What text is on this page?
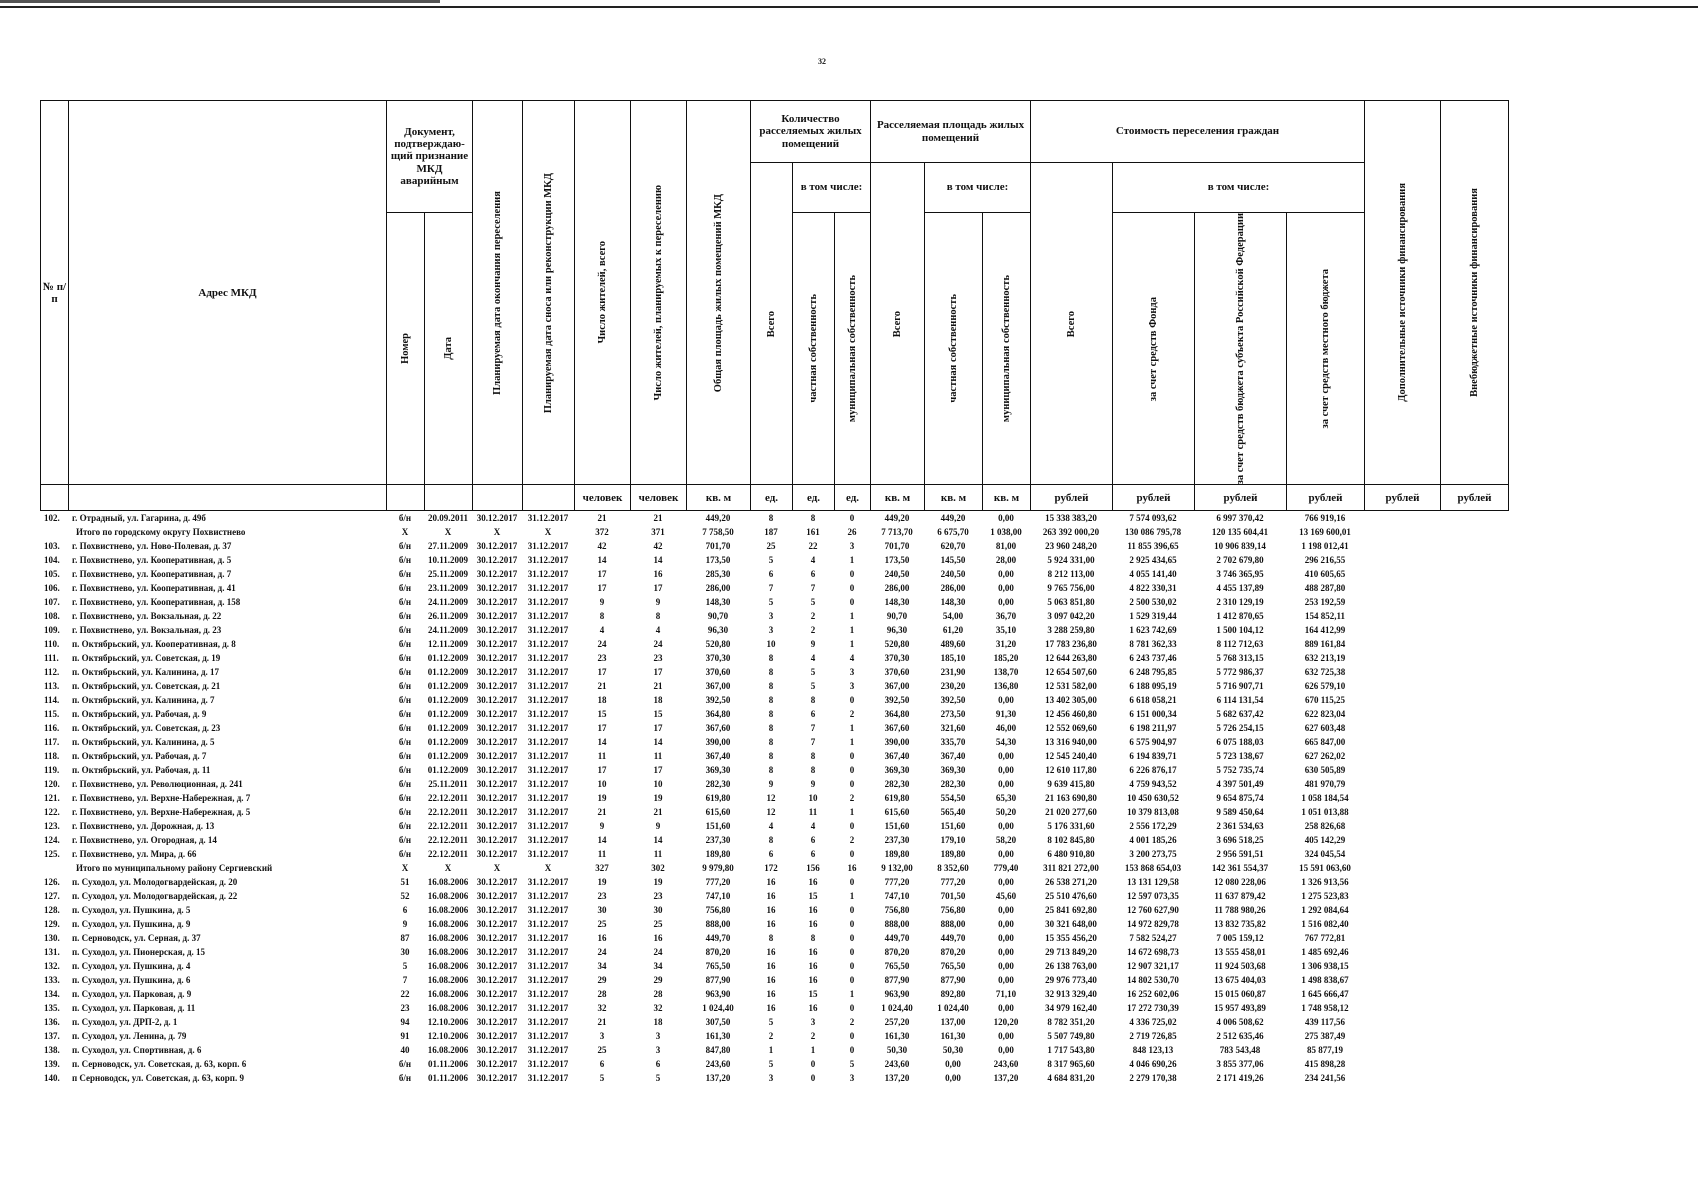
32
№ п/п	Адрес МКД	Документ, подтверждаю- щий признание МКД аварийным		Планируемая дата окончания переселения	Планируемая дата сноса или реконструкции МКД	Число жителей, всего	Число жителей, планируемых к переселению	Общая площадь жилых помещений МКД	Количество расселяемых жилых помещений			Расселяемая площадь жилых помещений			Стоимость переселения граждан				Дополнительные источники финансирования	Внебюджетные источники финансирования

									Всего	в том числе:		Всего	в том числе:		Всего	в том числе:				

		Номер	Дата							частная собственность	муниципальная собственность		частная собственность	муниципальная собственность		за счет средств Фонда	за счет средств бюджета субъекта Российской Федерации	за счет средств местного бюджета		

						человек	человек	кв. м	ед.	ед.	ед.	кв. м	кв. м	кв. м	рублей	рублей	рублей	рублей	рублей	рублей
102.	г. Отрадный, ул. Гагарина, д. 49б	б/н	20.09.2011	30.12.2017	31.12.2017	21	21	449,20	8	8	0	449,20	449,20	0,00	15 338 383,20	7 574 093,62	6 997 370,42	766 919,16		
Итого по городскому округу Похвистнево		X	X	X	X	372	371	7 758,50	187	161	26	7 713,70	6 675,70	1 038,00	263 392 000,20	130 086 795,78	120 135 604,41	13 169 600,01		
103.	г. Похвистнево, ул. Ново-Полевая, д. 37	б/н	27.11.2009	30.12.2017	31.12.2017	42	42	701,70	25	22	3	701,70	620,70	81,00	23 960 248,20	11 855 396,65	10 906 839,14	1 198 012,41		
104.	г. Похвистнево, ул. Кооперативная, д. 5	б/н	10.11.2009	30.12.2017	31.12.2017	14	14	173,50	5	4	1	173,50	145,50	28,00	5 924 331,00	2 925 434,65	2 702 679,80	296 216,55		
105.	г. Похвистнево, ул. Кооперативная, д. 7	б/н	25.11.2009	30.12.2017	31.12.2017	17	16	285,30	6	6	0	240,50	240,50	0,00	8 212 113,00	4 055 141,40	3 746 365,95	410 605,65		
106.	г. Похвистнево, ул. Кооперативная, д. 41	б/н	23.11.2009	30.12.2017	31.12.2017	17	17	286,00	7	7	0	286,00	286,00	0,00	9 765 756,00	4 822 330,31	4 455 137,89	488 287,80		
107.	г. Похвистнево, ул. Кооперативная, д. 158	б/н	24.11.2009	30.12.2017	31.12.2017	9	9	148,30	5	5	0	148,30	148,30	0,00	5 063 851,80	2 500 530,02	2 310 129,19	253 192,59		
108.	г. Похвистнево, ул. Вокзальная, д. 22	б/н	26.11.2009	30.12.2017	31.12.2017	8	8	90,70	3	2	1	90,70	54,00	36,70	3 097 042,20	1 529 319,44	1 412 870,65	154 852,11		
109.	г. Похвистнево, ул. Вокзальная, д. 23	б/н	24.11.2009	30.12.2017	31.12.2017	4	4	96,30	3	2	1	96,30	61,20	35,10	3 288 259,80	1 623 742,69	1 500 104,12	164 412,99		
110.	п. Октябрьский, ул. Кооперативная, д. 8	б/н	12.11.2009	30.12.2017	31.12.2017	24	24	520,80	10	9	1	520,80	489,60	31,20	17 783 236,80	8 781 362,33	8 112 712,63	889 161,84		
111.	п. Октябрьский, ул. Советская, д. 19	б/н	01.12.2009	30.12.2017	31.12.2017	23	23	370,30	8	4	4	370,30	185,10	185,20	12 644 263,80	6 243 737,46	5 768 313,15	632 213,19		
112.	п. Октябрьский, ул. Калинина, д. 17	б/н	01.12.2009	30.12.2017	31.12.2017	17	17	370,60	8	5	3	370,60	231,90	138,70	12 654 507,60	6 248 795,85	5 772 986,37	632 725,38		
113.	п. Октябрьский, ул. Советская, д. 21	б/н	01.12.2009	30.12.2017	31.12.2017	21	21	367,00	8	5	3	367,00	230,20	136,80	12 531 582,00	6 188 095,19	5 716 907,71	626 579,10		
114.	п. Октябрьский, ул. Калинина, д. 7	б/н	01.12.2009	30.12.2017	31.12.2017	18	18	392,50	8	8	0	392,50	392,50	0,00	13 402 305,00	6 618 058,21	6 114 131,54	670 115,25		
115.	п. Октябрьский, ул. Рабочая, д. 9	б/н	01.12.2009	30.12.2017	31.12.2017	15	15	364,80	8	6	2	364,80	273,50	91,30	12 456 460,80	6 151 000,34	5 682 637,42	622 823,04		
116.	п. Октябрьский, ул. Советская, д. 23	б/н	01.12.2009	30.12.2017	31.12.2017	17	17	367,60	8	7	1	367,60	321,60	46,00	12 552 069,60	6 198 211,97	5 726 254,15	627 603,48		
117.	п. Октябрьский, ул. Калинина, д. 5	б/н	01.12.2009	30.12.2017	31.12.2017	14	14	390,00	8	7	1	390,00	335,70	54,30	13 316 940,00	6 575 904,97	6 075 188,03	665 847,00		
118.	п. Октябрьский, ул. Рабочая, д. 7	б/н	01.12.2009	30.12.2017	31.12.2017	11	11	367,40	8	8	0	367,40	367,40	0,00	12 545 240,40	6 194 839,71	5 723 138,67	627 262,02		
119.	п. Октябрьский, ул. Рабочая, д. 11	б/н	01.12.2009	30.12.2017	31.12.2017	17	17	369,30	8	8	0	369,30	369,30	0,00	12 610 117,80	6 226 876,17	5 752 735,74	630 505,89		
120.	г. Похвистнево, ул. Революционная, д. 241	б/н	25.11.2011	30.12.2017	31.12.2017	10	10	282,30	9	9	0	282,30	282,30	0,00	9 639 415,80	4 759 943,52	4 397 501,49	481 970,79		
121.	г. Похвистнево, ул. Верхне-Набережная, д. 7	б/н	22.12.2011	30.12.2017	31.12.2017	19	19	619,80	12	10	2	619,80	554,50	65,30	21 163 690,80	10 450 630,52	9 654 875,74	1 058 184,54		
122.	г. Похвистнево, ул. Верхне-Набережная, д. 5	б/н	22.12.2011	30.12.2017	31.12.2017	21	21	615,60	12	11	1	615,60	565,40	50,20	21 020 277,60	10 379 813,08	9 589 450,64	1 051 013,88		
123.	г. Похвистнево, ул. Дорожная, д. 13	б/н	22.12.2011	30.12.2017	31.12.2017	9	9	151,60	4	4	0	151,60	151,60	0,00	5 176 331,60	2 556 172,29	2 361 534,63	258 826,68		
124.	г. Похвистнево, ул. Огородная, д. 14	б/н	22.12.2011	30.12.2017	31.12.2017	14	14	237,30	8	6	2	237,30	179,10	58,20	8 102 845,80	4 001 185,26	3 696 518,25	405 142,29		
125.	г. Похвистнево, ул. Мира, д. 66	б/н	22.12.2011	30.12.2017	31.12.2017	11	11	189,80	6	6	0	189,80	189,80	0,00	6 480 910,80	3 200 273,75	2 956 591,51	324 045,54		
Итого по муниципальному району Сергиевский		X	X	X	X	327	302	9 979,80	172	156	16	9 132,00	8 352,60	779,40	311 821 272,00	153 868 654,03	142 361 554,37	15 591 063,60		
126.	п. Суходол, ул. Молодогвардейская, д. 20	51	16.08.2006	30.12.2017	31.12.2017	19	19	777,20	16	16	0	777,20	777,20	0,00	26 538 271,20	13 131 129,58	12 080 228,06	1 326 913,56		
127.	п. Суходол, ул. Молодогвардейская, д. 22	52	16.08.2006	30.12.2017	31.12.2017	23	23	747,10	16	15	1	747,10	701,50	45,60	25 510 476,60	12 597 073,35	11 637 879,42	1 275 523,83		
128.	п. Суходол, ул. Пушкина, д. 5	6	16.08.2006	30.12.2017	31.12.2017	30	30	756,80	16	16	0	756,80	756,80	0,00	25 841 692,80	12 760 627,90	11 788 980,26	1 292 084,64		
129.	п. Суходол, ул. Пушкина, д. 9	9	16.08.2006	30.12.2017	31.12.2017	25	25	888,00	16	16	0	888,00	888,00	0,00	30 321 648,00	14 972 829,78	13 832 735,82	1 516 082,40		
130.	п. Серноводск, ул. Серная, д. 37	87	16.08.2006	30.12.2017	31.12.2017	16	16	449,70	8	8	0	449,70	449,70	0,00	15 355 456,20	7 582 524,27	7 005 159,12	767 772,81		
131.	п. Суходол, ул. Пионерская, д. 15	30	16.08.2006	30.12.2017	31.12.2017	24	24	870,20	16	16	0	870,20	870,20	0,00	29 713 849,20	14 672 698,73	13 555 458,01	1 485 692,46		
132.	п. Суходол, ул. Пушкина, д. 4	5	16.08.2006	30.12.2017	31.12.2017	34	34	765,50	16	16	0	765,50	765,50	0,00	26 138 763,00	12 907 321,17	11 924 503,68	1 306 938,15		
133.	п. Суходол, ул. Пушкина, д. 6	7	16.08.2006	30.12.2017	31.12.2017	29	29	877,90	16	16	0	877,90	877,90	0,00	29 976 773,40	14 802 530,70	13 675 404,03	1 498 838,67		
134.	п. Суходол, ул. Парковая, д. 9	22	16.08.2006	30.12.2017	31.12.2017	28	28	963,90	16	15	1	963,90	892,80	71,10	32 913 329,40	16 252 602,06	15 015 060,87	1 645 666,47		
135.	п. Суходол, ул. Парковая, д. 11	23	16.08.2006	30.12.2017	31.12.2017	32	32	1 024,40	16	16	0	1 024,40	1 024,40	0,00	34 979 162,40	17 272 730,39	15 957 493,89	1 748 958,12		
136.	п. Суходол, ул. ДРП-2, д. 1	94	12.10.2006	30.12.2017	31.12.2017	21	18	307,50	5	3	2	257,20	137,00	120,20	8 782 351,20	4 336 725,02	4 006 508,62	439 117,56		
137.	п. Суходол, ул. Ленина, д. 79	91	12.10.2006	30.12.2017	31.12.2017	3	3	161,30	2	2	0	161,30	161,30	0,00	5 507 749,80	2 719 726,85	2 512 635,46	275 387,49		
138.	п. Суходол, ул. Спортивная, д. 6	40	16.08.2006	30.12.2017	31.12.2017	25	3	847,80	1	1	0	50,30	50,30	0,00	1 717 543,80	848 123,13	783 543,48	85 877,19		
139.	п. Серноводск, ул. Советская, д. 63, корп. 6	б/н	01.11.2006	30.12.2017	31.12.2017	6	6	243,60	5	0	5	243,60	0,00	243,60	8 317 965,60	4 046 690,26	3 855 377,06	415 898,28		
140.	п Серноводск, ул. Советская, д. 63, корп. 9	б/н	01.11.2006	30.12.2017	31.12.2017	5	5	137,20	3	0	3	137,20	0,00	137,20	4 684 831,20	2 279 170,38	2 171 419,26	234 241,56		
